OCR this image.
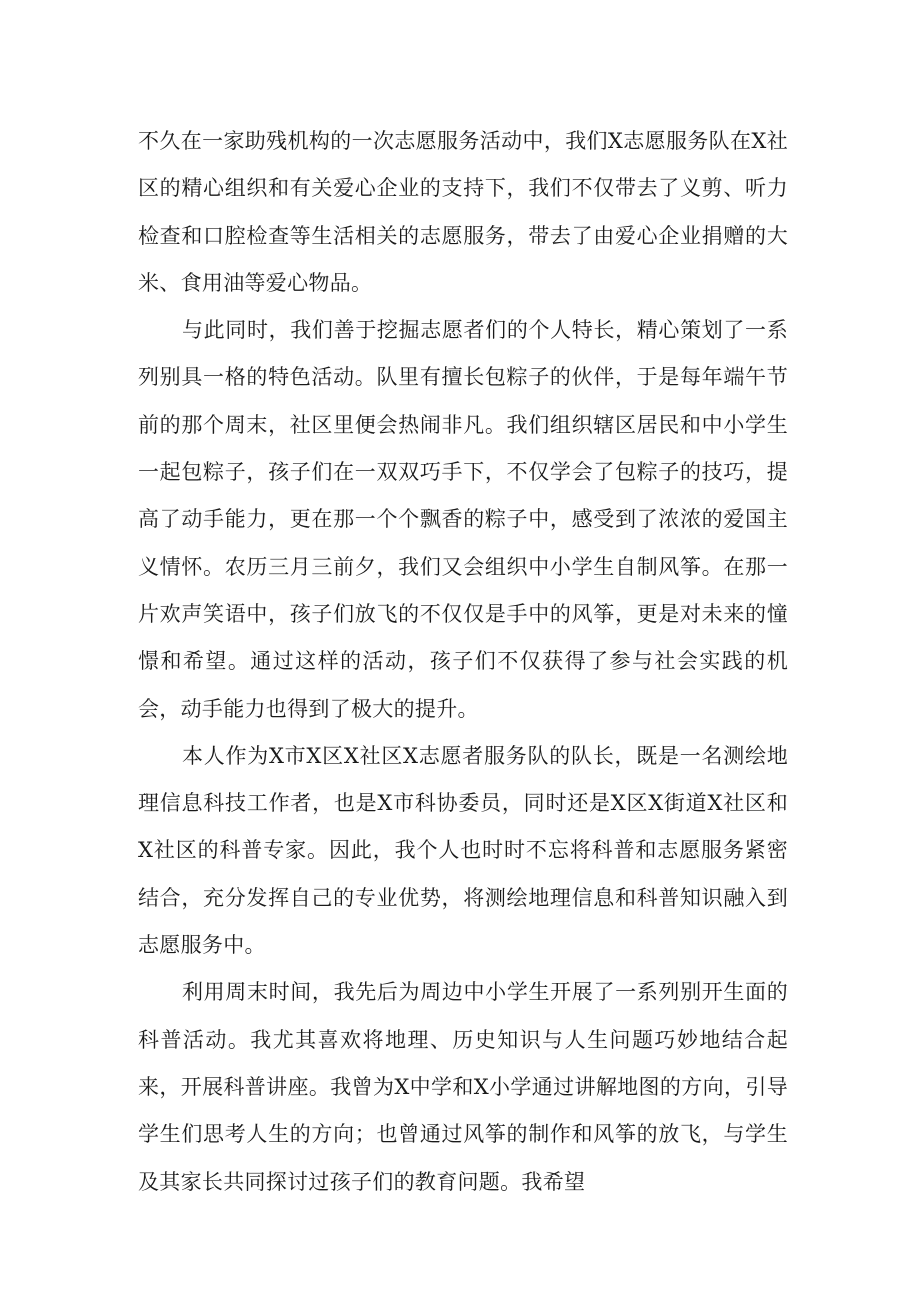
不久在一家助残机构的一次志愿服务活动中，我们X志愿服务队在X社区的精心组织和有关爱心企业的支持下，我们不仅带去了义剪、听力检查和口腔检查等生活相关的志愿服务，带去了由爱心企业捐赠的大米、食用油等爱心物品。

与此同时，我们善于挖掘志愿者们的个人特长，精心策划了一系列别具一格的特色活动。队里有擅长包粽子的伙伴，于是每年端午节前的那个周末，社区里便会热闹非凡。我们组织辖区居民和中小学生一起包粽子，孩子们在一双双巧手下，不仅学会了包粽子的技巧，提高了动手能力，更在那一个个飘香的粽子中，感受到了浓浓的爱国主义情怀。农历三月三前夕，我们又会组织中小学生自制风筝。在那一片欢声笑语中，孩子们放飞的不仅仅是手中的风筝，更是对未来的憧憬和希望。通过这样的活动，孩子们不仅获得了参与社会实践的机会，动手能力也得到了极大的提升。

本人作为X市X区X社区X志愿者服务队的队长，既是一名测绘地理信息科技工作者，也是X市科协委员，同时还是X区X街道X社区和X社区的科普专家。因此，我个人也时时不忘将科普和志愿服务紧密结合，充分发挥自己的专业优势，将测绘地理信息和科普知识融入到志愿服务中。

利用周末时间，我先后为周边中小学生开展了一系列别开生面的科普活动。我尤其喜欢将地理、历史知识与人生问题巧妙地结合起来，开展科普讲座。我曾为X中学和X小学通过讲解地图的方向，引导学生们思考人生的方向；也曾通过风筝的制作和风筝的放飞，与学生及其家长共同探讨过孩子们的教育问题。我希望
